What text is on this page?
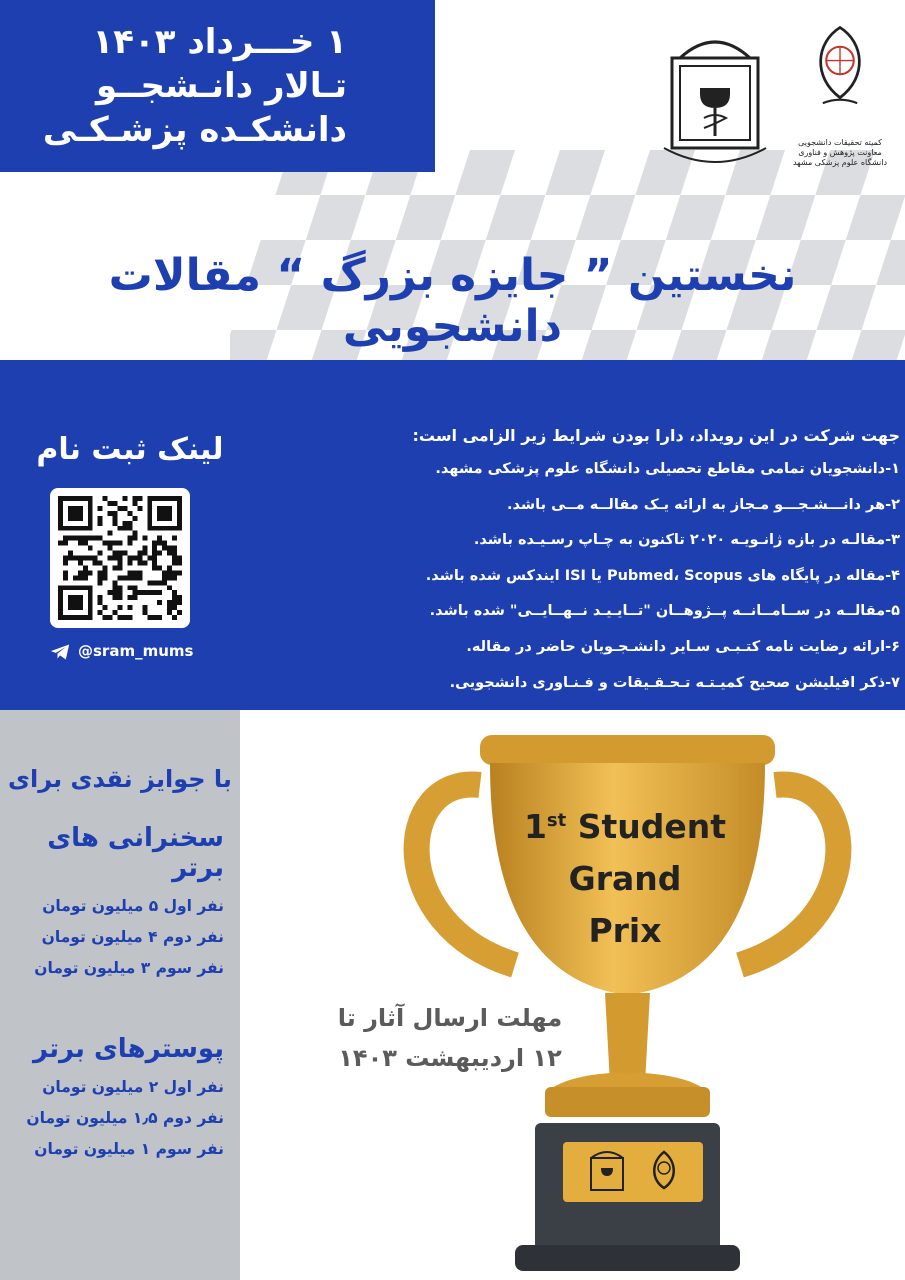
۱ خـــرداد ۱۴۰۳
تـالار دانـشجــو
دانشکـده پزشـکـی	کمیته تحقیقات دانشجویی معاونت پژوهش و فناوری دانشگاه علوم پزشکی مشهد
نخستین ” جایزه بزرگ “ مقالات دانشجویی
لینک ثبت نام
@sram_mums
جهت شرکت در این رویداد، دارا بودن شرایط زیر الزامی است:
۱-دانشجویان تمامی مقاطع تحصیلی دانشگاه علوم پزشکی مشهد.
۲-هر دانـــشـجـــو مـجاز به ارائه یـک مقالــه مــی باشد.
۳-مقالـه در بازه ژانـویـه ۲۰۲۰ تاکنون به چـاپ رسـیـده باشد.
۴-مقاله در پایگاه های Pubmed، Scopus یا ISI ایندکس شده باشد.
۵-مقالــه در ســامــانــه پــژوهــان "تــایـیـد نــهــایــی" شده باشد.
۶-ارائه رضایت نامه کتـبـی سـایر دانشـجـویان حاضر در مقاله.
۷-ذکر افیلیشن صحیح کمیـتـه تـحـقـیقات و فـنـاوری دانشجویی.
با جوایز نقدی برای
سخنرانی های برتر
نفر اول ۵ میلیون تومان
نفر دوم ۴ میلیون تومان
نفر سوم ۳ میلیون تومان
پوسترهای برتر
نفر اول ۲ میلیون تومان
نفر دوم ۱٫۵ میلیون تومان
نفر سوم ۱ میلیون تومان
1st Student
Grand
Prix
مهلت ارسال آثار تا
۱۲ اردیبهشت ۱۴۰۳
